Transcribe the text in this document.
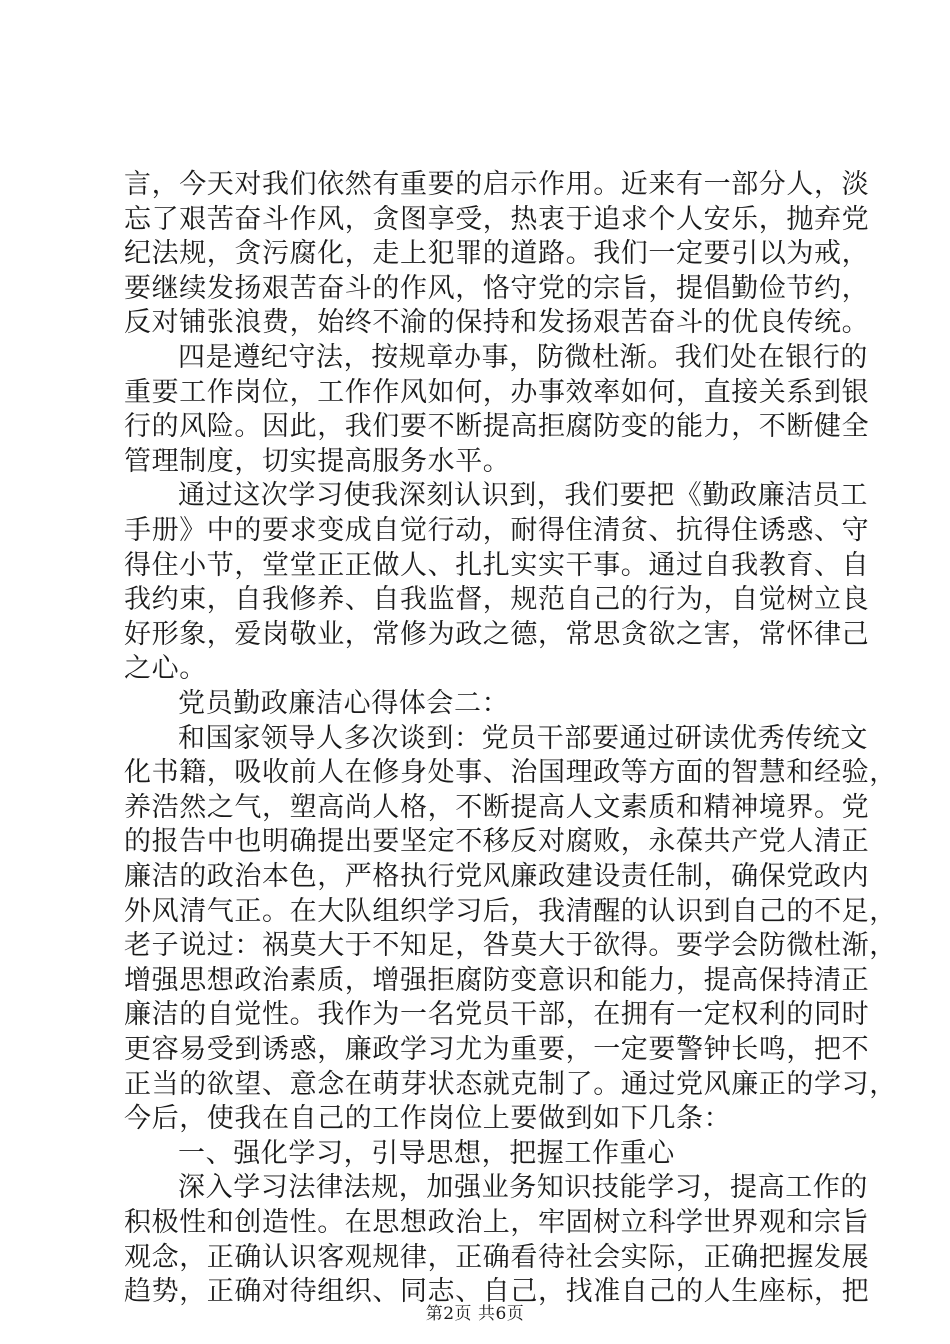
言，今天对我们依然有重要的启示作用。近来有一部分人，淡
忘了艰苦奋斗作风，贪图享受，热衷于追求个人安乐，抛弃党
纪法规，贪污腐化，走上犯罪的道路。我们一定要引以为戒，
要继续发扬艰苦奋斗的作风，恪守党的宗旨，提倡勤俭节约，
反对铺张浪费，始终不渝的保持和发扬艰苦奋斗的优良传统。
四是遵纪守法，按规章办事，防微杜渐。我们处在银行的
重要工作岗位，工作作风如何，办事效率如何，直接关系到银
行的风险。因此，我们要不断提高拒腐防变的能力，不断健全
管理制度，切实提高服务水平。
通过这次学习使我深刻认识到，我们要把《勤政廉洁员工
手册》中的要求变成自觉行动，耐得住清贫、抗得住诱惑、守
得住小节，堂堂正正做人、扎扎实实干事。通过自我教育、自
我约束，自我修养、自我监督，规范自己的行为，自觉树立良
好形象，爱岗敬业，常修为政之德，常思贪欲之害，常怀律己
之心。
党员勤政廉洁心得体会二：
和国家领导人多次谈到：党员干部要通过研读优秀传统文
化书籍，吸收前人在修身处事、治国理政等方面的智慧和经验，
养浩然之气，塑高尚人格，不断提高人文素质和精神境界。党
的报告中也明确提出要坚定不移反对腐败，永葆共产党人清正
廉洁的政治本色，严格执行党风廉政建设责任制，确保党政内
外风清气正。在大队组织学习后，我清醒的认识到自己的不足，
老子说过：祸莫大于不知足，咎莫大于欲得。要学会防微杜渐，
增强思想政治素质，增强拒腐防变意识和能力，提高保持清正
廉洁的自觉性。我作为一名党员干部，在拥有一定权利的同时
更容易受到诱惑，廉政学习尤为重要，一定要警钟长鸣，把不
正当的欲望、意念在萌芽状态就克制了。通过党风廉正的学习，
今后，使我在自己的工作岗位上要做到如下几条：
一、强化学习，引导思想，把握工作重心
深入学习法律法规，加强业务知识技能学习，提高工作的
积极性和创造性。在思想政治上，牢固树立科学世界观和宗旨
观念，正确认识客观规律，正确看待社会实际，正确把握发展
趋势，正确对待组织、同志、自己，找准自己的人生座标，把
第2页 共6页
